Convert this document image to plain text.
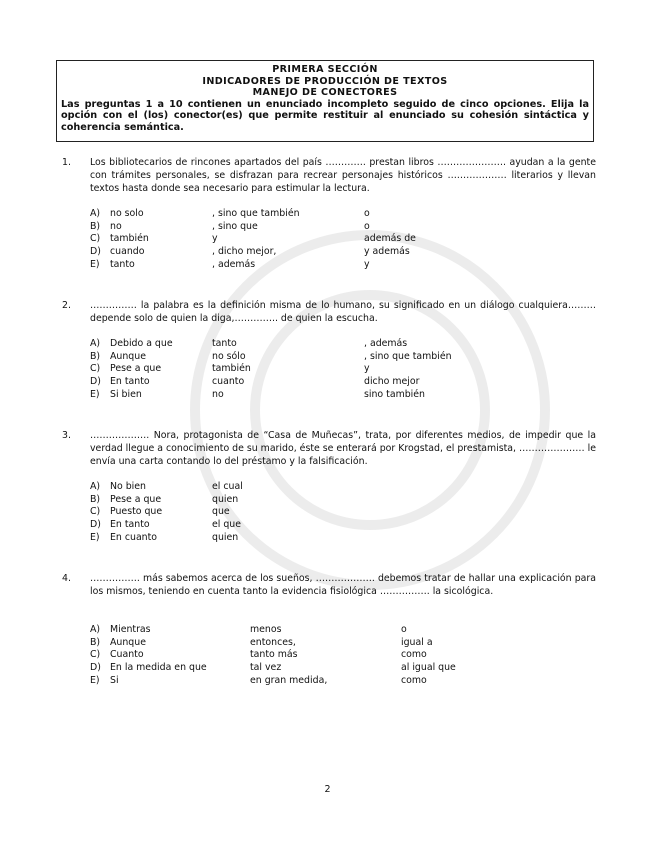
PRIMERA SECCIÓN
INDICADORES DE PRODUCCIÓN DE TEXTOS
MANEJO DE CONECTORES
Las preguntas 1 a 10 contienen un enunciado incompleto seguido de cinco opciones. Elija la opción con el (los) conector(es) que permite restituir al enunciado su cohesión sintáctica y coherencia semántica.
1. Los bibliotecarios de rincones apartados del país …………. prestan libros …………………. ayudan a la gente con trámites personales, se disfrazan para recrear personajes históricos ….…………… literarios y llevan textos hasta donde sea necesario para estimular la lectura.
A) no solo	, sino que también	o
B) no	, sino que	o
C) también	y	además de
D) cuando	, dicho mejor,	y además
E) tanto	, además	y
2. …………… la palabra es la definición misma de lo humano, su significado en un diálogo cualquiera……… depende solo de quien la diga,………….. de quien la escucha.
A) Debido a que	tanto	, además
B) Aunque	no sólo	, sino que también
C) Pese a que	también	y
D) En tanto	cuanto	dicho mejor
E) Si bien	no	sino también
3. ………………. Nora, protagonista de “Casa de Muñecas”, trata, por diferentes medios, de impedir que la verdad llegue a conocimiento de su marido, éste se enterará por Krogstad, el prestamista, ………………… le envía una carta contando lo del préstamo y la falsificación.
A) No bien	el cual
B) Pese a que	quien
C) Puesto que	que
D) En tanto	el que
E) En cuanto	quien
4. ……………. más sabemos acerca de los sueños, ………………. debemos tratar de hallar una explicación para los mismos, teniendo en cuenta tanto la evidencia fisiológica ……………. la sicológica.
A) Mientras	menos	o
B) Aunque	entonces,	igual a
C) Cuanto	tanto más	como
D) En la medida en que	tal vez	al igual que
E) Si	en gran medida,	como
2
